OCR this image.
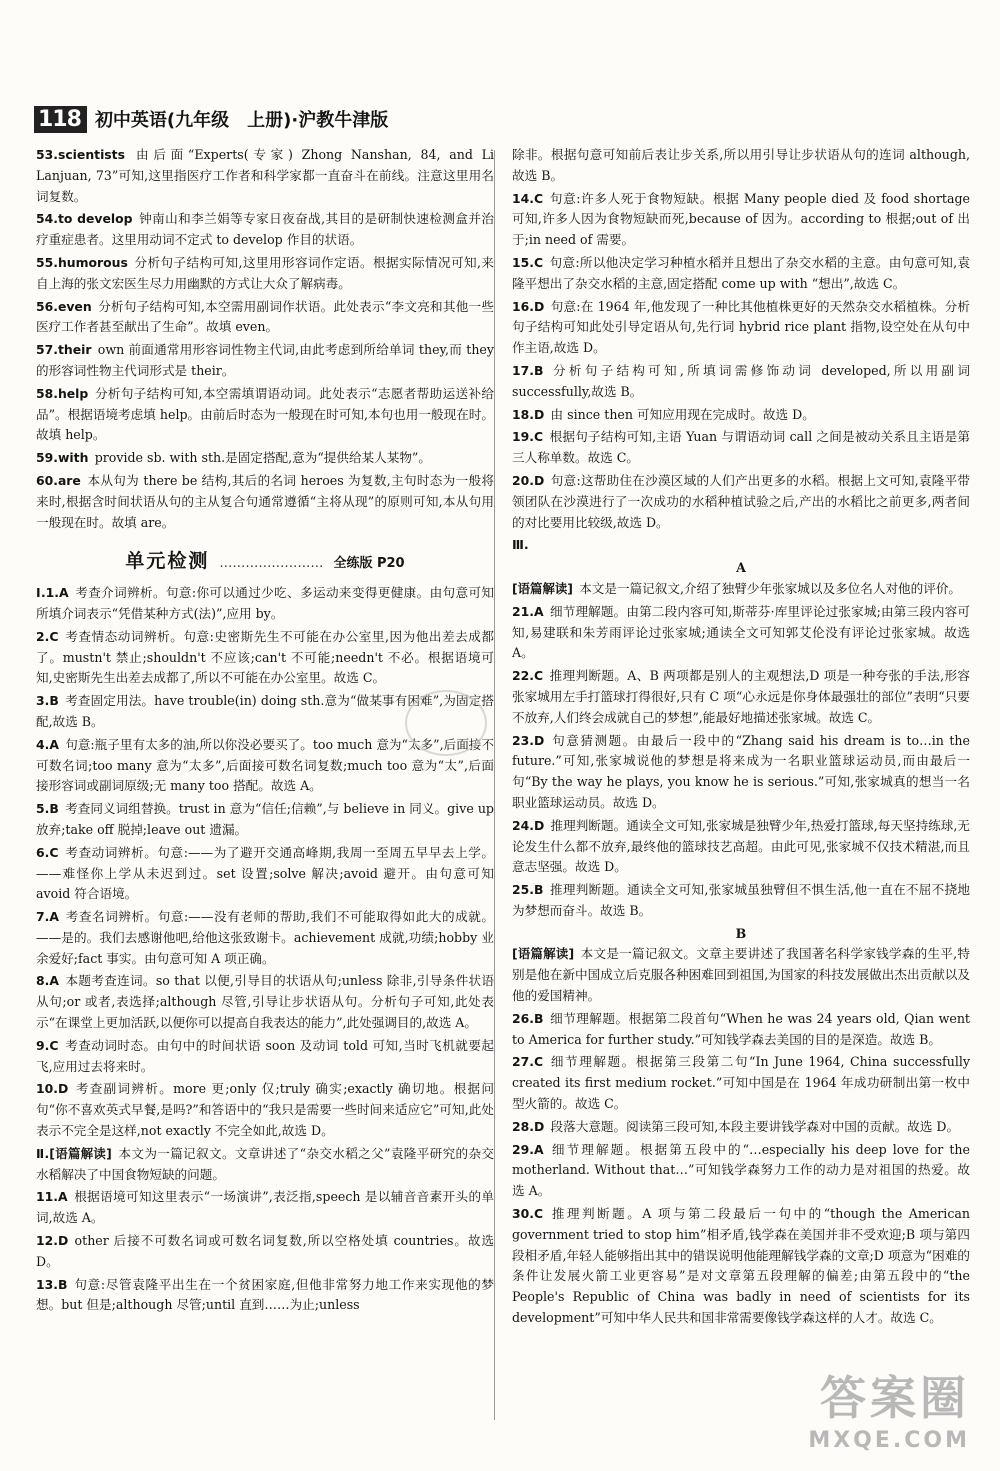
118 初中英语(九年级　上册)·沪教牛津版
53.scientists  由后面“Experts(专家) Zhong Nanshan, 84, and Li Lanjuan, 73”可知,这里指医疗工作者和科学家都一直奋斗在前线。注意这里用名词复数。
54.to develop  钟南山和李兰娟等专家日夜奋战,其目的是研制快速检测盒并治疗重症患者。这里用动词不定式 to develop 作目的状语。
55.humorous  分析句子结构可知,这里用形容词作定语。根据实际情况可知,来自上海的张文宏医生尽力用幽默的方式让大众了解病毒。
56.even  分析句子结构可知,本空需用副词作状语。此处表示“李文亮和其他一些医疗工作者甚至献出了生命”。故填 even。
57.their  own 前面通常用形容词性物主代词,由此考虑到所给单词 they,而 they 的形容词性物主代词形式是 their。
58.help  分析句子结构可知,本空需填谓语动词。此处表示“志愿者帮助运送补给品”。根据语境考虑填 help。由前后时态为一般现在时可知,本句也用一般现在时。故填 help。
59.with  provide sb. with sth.是固定搭配,意为“提供给某人某物”。
60.are  本从句为 there be 结构,其后的名词 heroes 为复数,主句时态为一般将来时,根据含时间状语从句的主从复合句通常遵循“主将从现”的原则可知,本从句用一般现在时。故填 are。
单元检测 …………………… 全练版 P20
Ⅰ.1.A  考查介词辨析。句意:你可以通过少吃、多运动来变得更健康。由句意可知所填介词表示“凭借某种方式(法)”,应用 by。
2.C  考查情态动词辨析。句意:史密斯先生不可能在办公室里,因为他出差去成都了。mustn't 禁止;shouldn't 不应该;can't 不可能;needn't 不必。根据语境可知,史密斯先生出差去成都了,所以不可能在办公室里。故选 C。
3.B  考查固定用法。have trouble(in) doing sth.意为“做某事有困难”,为固定搭配,故选 B。
4.A  句意:瓶子里有太多的油,所以你没必要买了。too much 意为“太多”,后面接不可数名词;too many 意为“太多”,后面接可数名词复数;much too 意为“太”,后面接形容词或副词原级;无 many too 搭配。故选 A。
5.B  考查同义词组替换。trust in 意为“信任;信赖”,与 believe in 同义。give up 放弃;take off 脱掉;leave out 遗漏。
6.C  考查动词辨析。句意:——为了避开交通高峰期,我周一至周五早早去上学。——难怪你上学从未迟到过。set 设置;solve 解决;avoid 避开。由句意可知 avoid 符合语境。
7.A  考查名词辨析。句意:——没有老师的帮助,我们不可能取得如此大的成就。——是的。我们去感谢他吧,给他这张致谢卡。achievement 成就,功绩;hobby 业余爱好;fact 事实。由句意可知 A 项正确。
8.A  本题考查连词。so that 以便,引导目的状语从句;unless 除非,引导条件状语从句;or 或者,表选择;although 尽管,引导让步状语从句。分析句子可知,此处表示“在课堂上更加活跃,以便你可以提高自我表达的能力”,此处强调目的,故选 A。
9.C  考查动词时态。由句中的时间状语 soon 及动词 told 可知,当时飞机就要起飞,应用过去将来时。
10.D  考查副词辨析。more 更;only 仅;truly 确实;exactly 确切地。根据问句“你不喜欢英式早餐,是吗?”和答语中的“我只是需要一些时间来适应它”可知,此处表示不完全是这样,not exactly 不完全如此,故选 D。
Ⅱ.[语篇解读]  本文为一篇记叙文。文章讲述了“杂交水稻之父”袁隆平研究的杂交水稻解决了中国食物短缺的问题。
11.A  根据语境可知这里表示“一场演讲”,表泛指,speech 是以辅音音素开头的单词,故选 A。
12.D  other 后接不可数名词或可数名词复数,所以空格处填 countries。故选 D。
13.B  句意:尽管袁隆平出生在一个贫困家庭,但他非常努力地工作来实现他的梦想。but 但是;although 尽管;until 直到……为止;unless
除非。根据句意可知前后表让步关系,所以用引导让步状语从句的连词 although,故选 B。
14.C  句意:许多人死于食物短缺。根据 Many people died 及 food shortage 可知,许多人因为食物短缺而死,because of 因为。according to 根据;out of 出于;in need of 需要。
15.C  句意:所以他决定学习种植水稻并且想出了杂交水稻的主意。由句意可知,袁隆平想出了杂交水稻的主意,固定搭配 come up with “想出”,故选 C。
16.D  句意:在 1964 年,他发现了一种比其他植株更好的天然杂交水稻植株。分析句子结构可知此处引导定语从句,先行词 hybrid rice plant 指物,设空处在从句中作主语,故选 D。
17.B  分析句子结构可知,所填词需修饰动词 developed,所以用副词 successfully,故选 B。
18.D  由 since then 可知应用现在完成时。故选 D。
19.C  根据句子结构可知,主语 Yuan 与谓语动词 call 之间是被动关系且主语是第三人称单数。故选 C。
20.D  句意:这帮助住在沙漠区域的人们产出更多的水稻。根据上文可知,袁隆平带领团队在沙漠进行了一次成功的水稻种植试验之后,产出的水稻比之前更多,两者间的对比要用比较级,故选 D。
Ⅲ.
A
[语篇解读]  本文是一篇记叙文,介绍了独臂少年张家城以及多位名人对他的评价。
21.A  细节理解题。由第二段内容可知,斯蒂芬·库里评论过张家城;由第三段内容可知,易建联和朱芳雨评论过张家城;通读全文可知郭艾伦没有评论过张家城。故选 A。
22.C  推理判断题。A、B 两项都是别人的主观想法,D 项是一种夸张的手法,形容张家城用左手打篮球打得很好,只有 C 项“心永远是你身体最强壮的部位”表明“只要不放弃,人们终会成就自己的梦想”,能最好地描述张家城。故选 C。
23.D  句意猜测题。由最后一段中的“Zhang said his dream is to…in the future.”可知,张家城说他的梦想是将来成为一名职业篮球运动员,而由最后一句“By the way he plays, you know he is serious.”可知,张家城真的想当一名职业篮球运动员。故选 D。
24.D  推理判断题。通读全文可知,张家城是独臂少年,热爱打篮球,每天坚持练球,无论发生什么都不放弃,最终他的篮球技艺高超。由此可见,张家城不仅技术精湛,而且意志坚强。故选 D。
25.B  推理判断题。通读全文可知,张家城虽独臂但不惧生活,他一直在不屈不挠地为梦想而奋斗。故选 B。
B
[语篇解读]  本文是一篇记叙文。文章主要讲述了我国著名科学家钱学森的生平,特别是他在新中国成立后克服各种困难回到祖国,为国家的科技发展做出杰出贡献以及他的爱国精神。
26.B  细节理解题。根据第二段首句“When he was 24 years old, Qian went to America for further study.”可知钱学森去美国的目的是深造。故选 B。
27.C  细节理解题。根据第三段第二句“In June 1964, China successfully created its first medium rocket.”可知中国是在 1964 年成功研制出第一枚中型火箭的。故选 C。
28.D  段落大意题。阅读第三段可知,本段主要讲钱学森对中国的贡献。故选 D。
29.A  细节理解题。根据第五段中的“…especially his deep love for the motherland. Without that…”可知钱学森努力工作的动力是对祖国的热爱。故选 A。
30.C  推理判断题。A 项与第二段最后一句中的“though the American government tried to stop him”相矛盾,钱学森在美国并非不受欢迎;B 项与第四段相矛盾,年轻人能够指出其中的错误说明他能理解钱学森的文章;D 项意为“困难的条件让发展火箭工业更容易”是对文章第五段理解的偏差;由第五段中的“the People's Republic of China was badly in need of scientists for its development”可知中华人民共和国非常需要像钱学森这样的人才。故选 C。
答案圈
MXQE.COM
